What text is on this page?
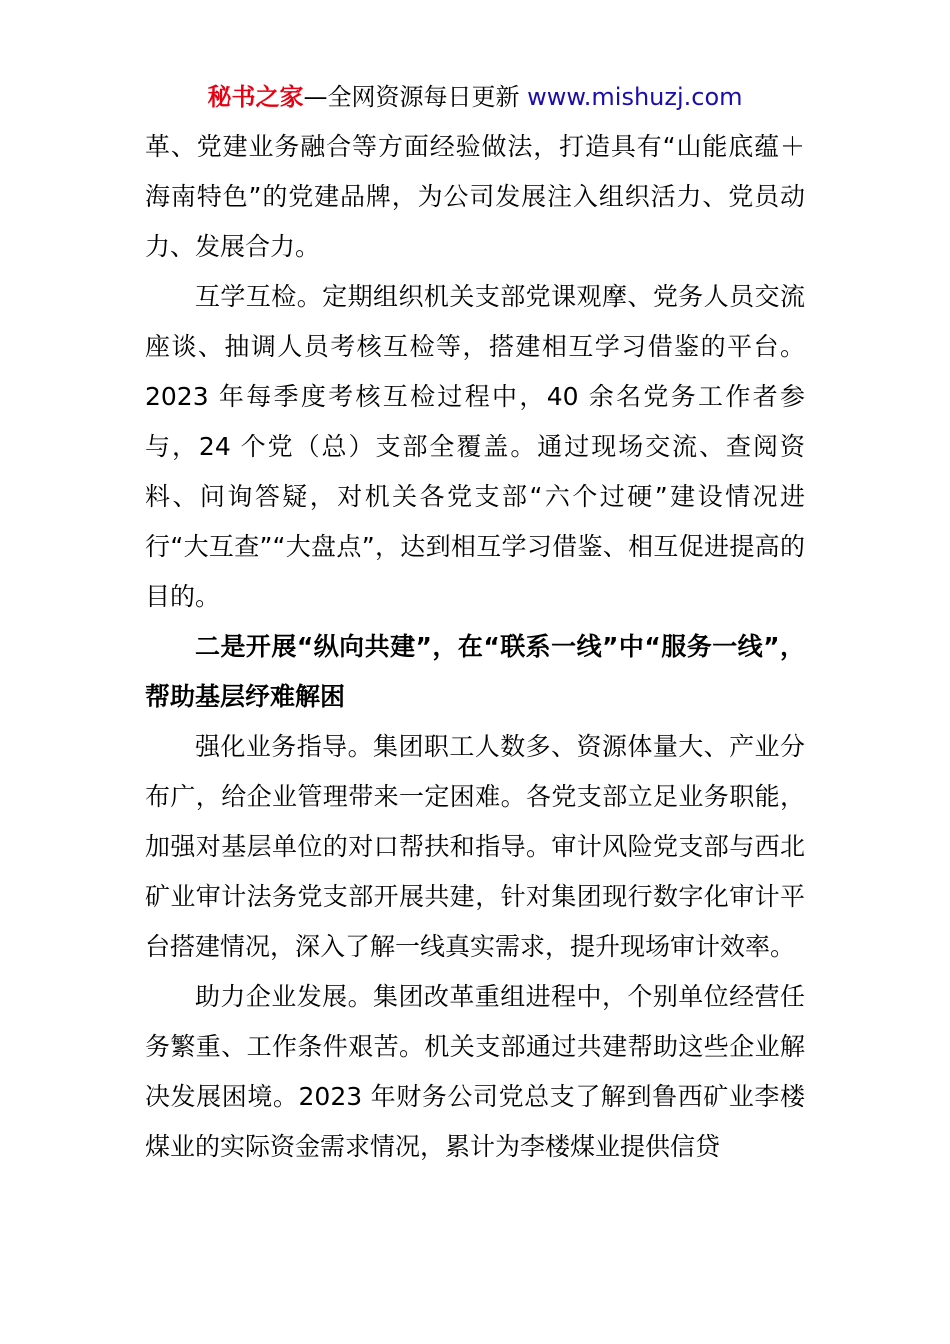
秘书之家—全网资源每日更新 www.mishuzj.com

革、党建业务融合等方面经验做法，打造具有“山能底蕴＋海南特色”的党建品牌，为公司发展注入组织活力、党员动力、发展合力。

互学互检。定期组织机关支部党课观摩、党务人员交流座谈、抽调人员考核互检等，搭建相互学习借鉴的平台。2023 年每季度考核互检过程中，40 余名党务工作者参与，24 个党（总）支部全覆盖。通过现场交流、查阅资料、问询答疑，对机关各党支部“六个过硬”建设情况进行“大互查”“大盘点”，达到相互学习借鉴、相互促进提高的目的。

二是开展“纵向共建”，在“联系一线”中“服务一线”，帮助基层纾难解困

强化业务指导。集团职工人数多、资源体量大、产业分布广，给企业管理带来一定困难。各党支部立足业务职能，加强对基层单位的对口帮扶和指导。审计风险党支部与西北矿业审计法务党支部开展共建，针对集团现行数字化审计平台搭建情况，深入了解一线真实需求，提升现场审计效率。

助力企业发展。集团改革重组进程中，个别单位经营任务繁重、工作条件艰苦。机关支部通过共建帮助这些企业解决发展困境。2023 年财务公司党总支了解到鲁西矿业李楼煤业的实际资金需求情况，累计为李楼煤业提供信贷
